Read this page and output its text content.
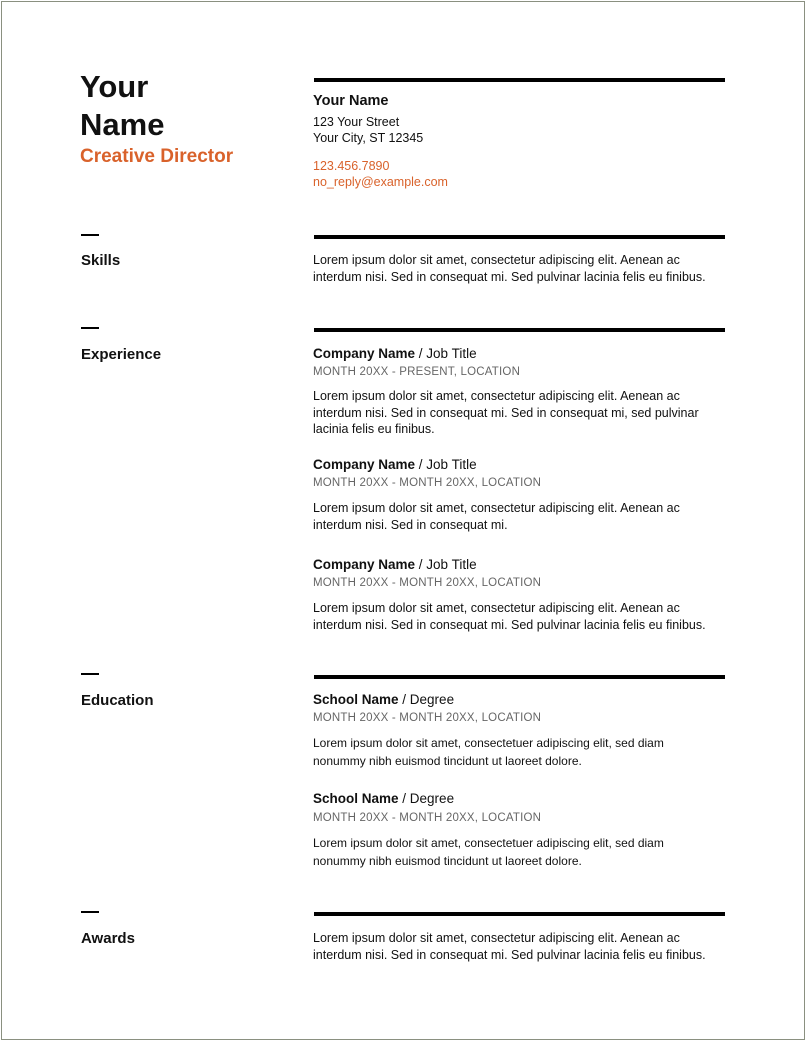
Your
Name
Creative Director
Your Name
123 Your Street
Your City, ST 12345
123.456.7890
no_reply@example.com
Skills	Lorem ipsum dolor sit amet, consectetur adipiscing elit. Aenean ac interdum nisi. Sed in consequat mi. Sed pulvinar lacinia felis eu finibus.
Experience	Company Name / Job Title
MONTH 20XX - PRESENT, LOCATION
Lorem ipsum dolor sit amet, consectetur adipiscing elit. Aenean ac interdum nisi. Sed in consequat mi. Sed in consequat mi, sed pulvinar lacinia felis eu finibus.
Company Name / Job Title
MONTH 20XX - MONTH 20XX, LOCATION
Lorem ipsum dolor sit amet, consectetur adipiscing elit. Aenean ac interdum nisi. Sed in consequat mi.
Company Name / Job Title
MONTH 20XX - MONTH 20XX, LOCATION
Lorem ipsum dolor sit amet, consectetur adipiscing elit. Aenean ac interdum nisi. Sed in consequat mi. Sed pulvinar lacinia felis eu finibus.
Education	School Name / Degree
MONTH 20XX - MONTH 20XX, LOCATION
Lorem ipsum dolor sit amet, consectetuer adipiscing elit, sed diam nonummy nibh euismod tincidunt ut laoreet dolore.
School Name / Degree
MONTH 20XX - MONTH 20XX, LOCATION
Lorem ipsum dolor sit amet, consectetuer adipiscing elit, sed diam nonummy nibh euismod tincidunt ut laoreet dolore.
Awards	Lorem ipsum dolor sit amet, consectetur adipiscing elit. Aenean ac interdum nisi. Sed in consequat mi. Sed pulvinar lacinia felis eu finibus.
